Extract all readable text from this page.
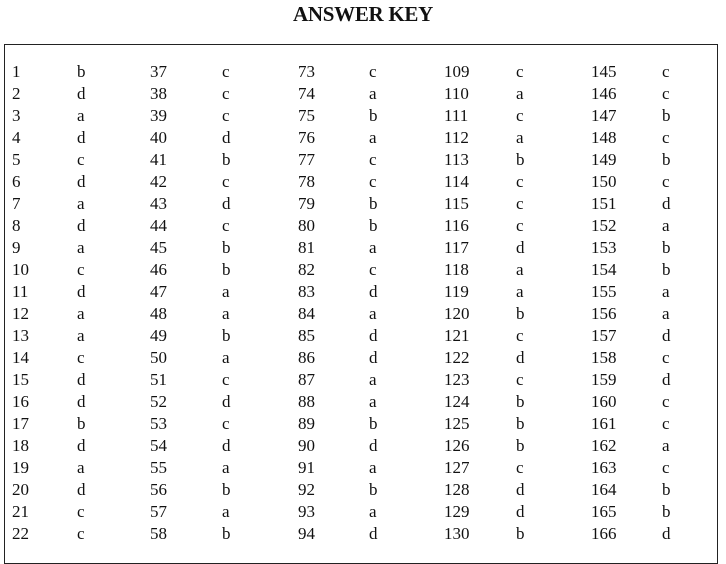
ANSWER KEY
1
2
3
4
5
6
7
8
9
10
11
12
13
14
15
16
17
18
19
20
21
22
b
d
a
d
c
d
a
d
a
c
d
a
a
c
d
d
b
d
a
d
c
c
37
38
39
40
41
42
43
44
45
46
47
48
49
50
51
52
53
54
55
56
57
58
c
c
c
d
b
c
d
c
b
b
a
a
b
a
c
d
c
d
a
b
a
b
73
74
75
76
77
78
79
80
81
82
83
84
85
86
87
88
89
90
91
92
93
94
c
a
b
a
c
c
b
b
a
c
d
a
d
d
a
a
b
d
a
b
a
d
109
110
111
112
113
114
115
116
117
118
119
120
121
122
123
124
125
126
127
128
129
130
c
a
c
a
b
c
c
c
d
a
a
b
c
d
c
b
b
b
c
d
d
b
145
146
147
148
149
150
151
152
153
154
155
156
157
158
159
160
161
162
163
164
165
166
c
c
b
c
b
c
d
a
b
b
a
a
d
c
d
c
c
a
c
b
b
d
